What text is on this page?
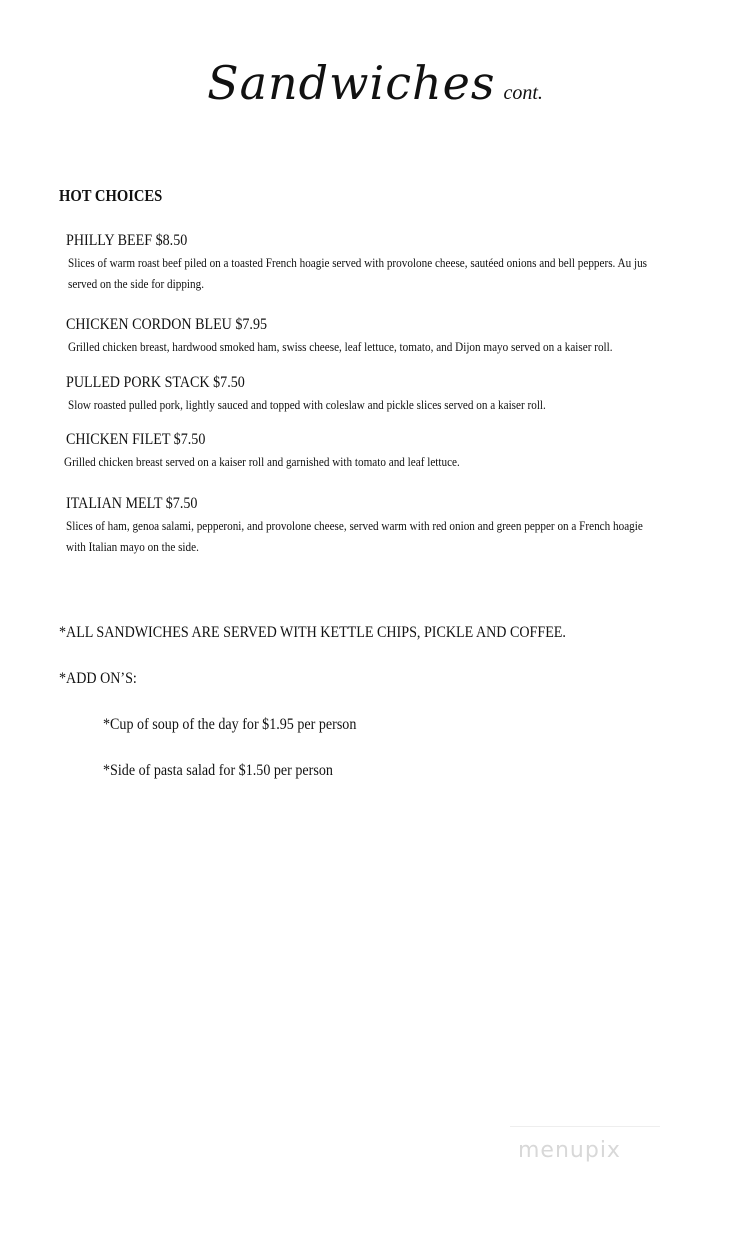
Sandwiches cont.
HOT CHOICES
PHILLY BEEF $8.50
Slices of warm roast beef piled on a toasted French hoagie served with provolone cheese, sautéed onions and bell peppers. Au jus served on the side for dipping.
CHICKEN CORDON BLEU $7.95
Grilled chicken breast, hardwood smoked ham, swiss cheese, leaf lettuce, tomato, and Dijon mayo served on a kaiser roll.
PULLED PORK STACK $7.50
Slow roasted pulled pork, lightly sauced and topped with coleslaw and pickle slices served on a kaiser roll.
CHICKEN FILET $7.50
Grilled chicken breast served on a kaiser roll and garnished with tomato and leaf lettuce.
ITALIAN MELT $7.50
Slices of ham, genoa salami, pepperoni, and provolone cheese, served warm with red onion and green pepper on a French hoagie with Italian mayo on the side.
*ALL SANDWICHES ARE SERVED WITH KETTLE CHIPS, PICKLE AND COFFEE.
*ADD ON’S:
*Cup of soup of the day for $1.95 per person
*Side of pasta salad for $1.50 per person
menupix
